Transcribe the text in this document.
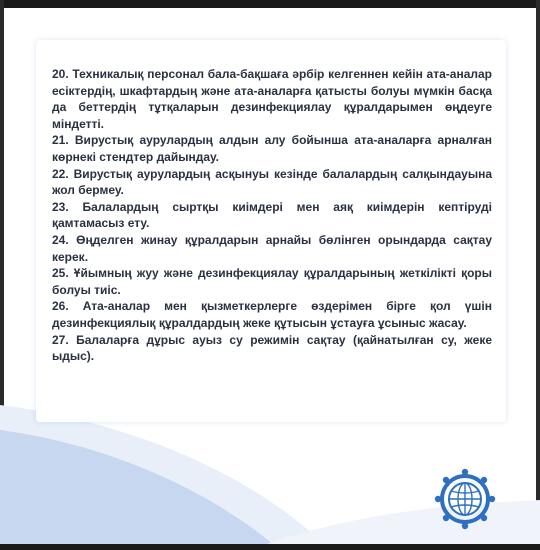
20. Техникалық персонал бала-бақшаға әрбір келгеннен кейін ата-аналар есіктердің, шкафтардың және ата-аналарға қатысты болуы мүмкін басқа да беттердің тұтқаларын дезинфекциялау құралдарымен өңдеуге міндетті.

21. Вирустық аурулардың алдын алу бойынша ата-аналарға арналған көрнекі стендтер дайындау.

22. Вирустық аурулардың асқынуы кезінде балалардың салқындауына жол бермеу.

23. Балалардың сыртқы киімдері мен аяқ киімдерін кептіруді қамтамасыз ету.

24. Өңделген жинау құралдарын арнайы бөлінген орындарда сақтау керек.

25. Ұйымның жуу және дезинфекциялау құралдарының жеткілікті қоры болуы тиіс.

26. Ата-аналар мен қызметкерлерге өздерімен бірге қол үшін дезинфекциялық құралдардың жеке құтысын ұстауға ұсыныс жасау.

27. Балаларға дұрыс ауыз су режимін сақтау (қайнатылған су, жеке ыдыс).
